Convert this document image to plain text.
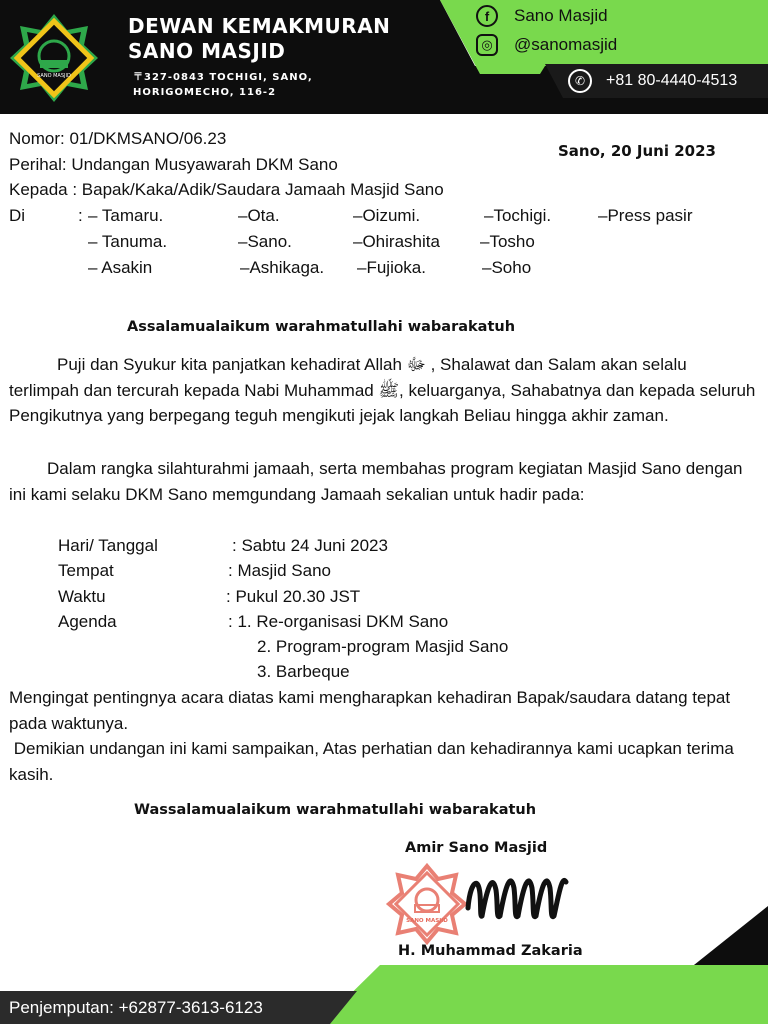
SANO MASJID
DEWAN KEMAKMURAN
SANO MASJID
〒327-0843 TOCHIGI, SANO,
HORIGOMECHO, 116-2
f	Sano Masjid
◎	@sanomasjid
✆	+81 80-4440-4513
Nomor: 01/DKMSANO/06.23
Sano, 20 Juni 2023
Perihal: Undangan Musyawarah DKM Sano
Kepada : Bapak/Kaka/Adik/Saudara Jamaah Masjid Sano
Di	: – Tamaru.	–Ota.	–Oizumi.	–Tochigi.	–Press pasir
– Tanuma.	–Sano.	–Ohirashita –Tosho
– Asakin	–Ashikaga. –Fujioka.	–Soho
Assalamualaikum warahmatullahi wabarakatuh
Puji dan Syukur kita panjatkan kehadirat Allah ﷻ , Shalawat dan Salam akan selalu terlimpah dan tercurah kepada Nabi Muhammad ﷺ, keluarganya, Sahabatnya dan kepada seluruh Pengikutnya yang berpegang teguh mengikuti jejak langkah Beliau hingga akhir zaman.
Dalam rangka silahturahmi jamaah, serta membahas program kegiatan Masjid Sano dengan ini kami selaku DKM Sano memgundang Jamaah sekalian untuk hadir pada:
Hari/ Tanggal	: Sabtu 24 Juni 2023
Tempat	: Masjid Sano
Waktu	: Pukul 20.30 JST
Agenda	: 1. Re-organisasi DKM Sano
2. Program-program Masjid Sano
3. Barbeque
Mengingat pentingnya acara diatas kami mengharapkan kehadiran Bapak/saudara datang tepat pada waktunya.
Demikian undangan ini kami sampaikan, Atas perhatian dan kehadirannya kami ucapkan terima kasih.
Wassalamualaikum warahmatullahi wabarakatuh
Amir Sano Masjid
SANO MASJID
H. Muhammad Zakaria
Penjemputan: +62877-3613-6123
